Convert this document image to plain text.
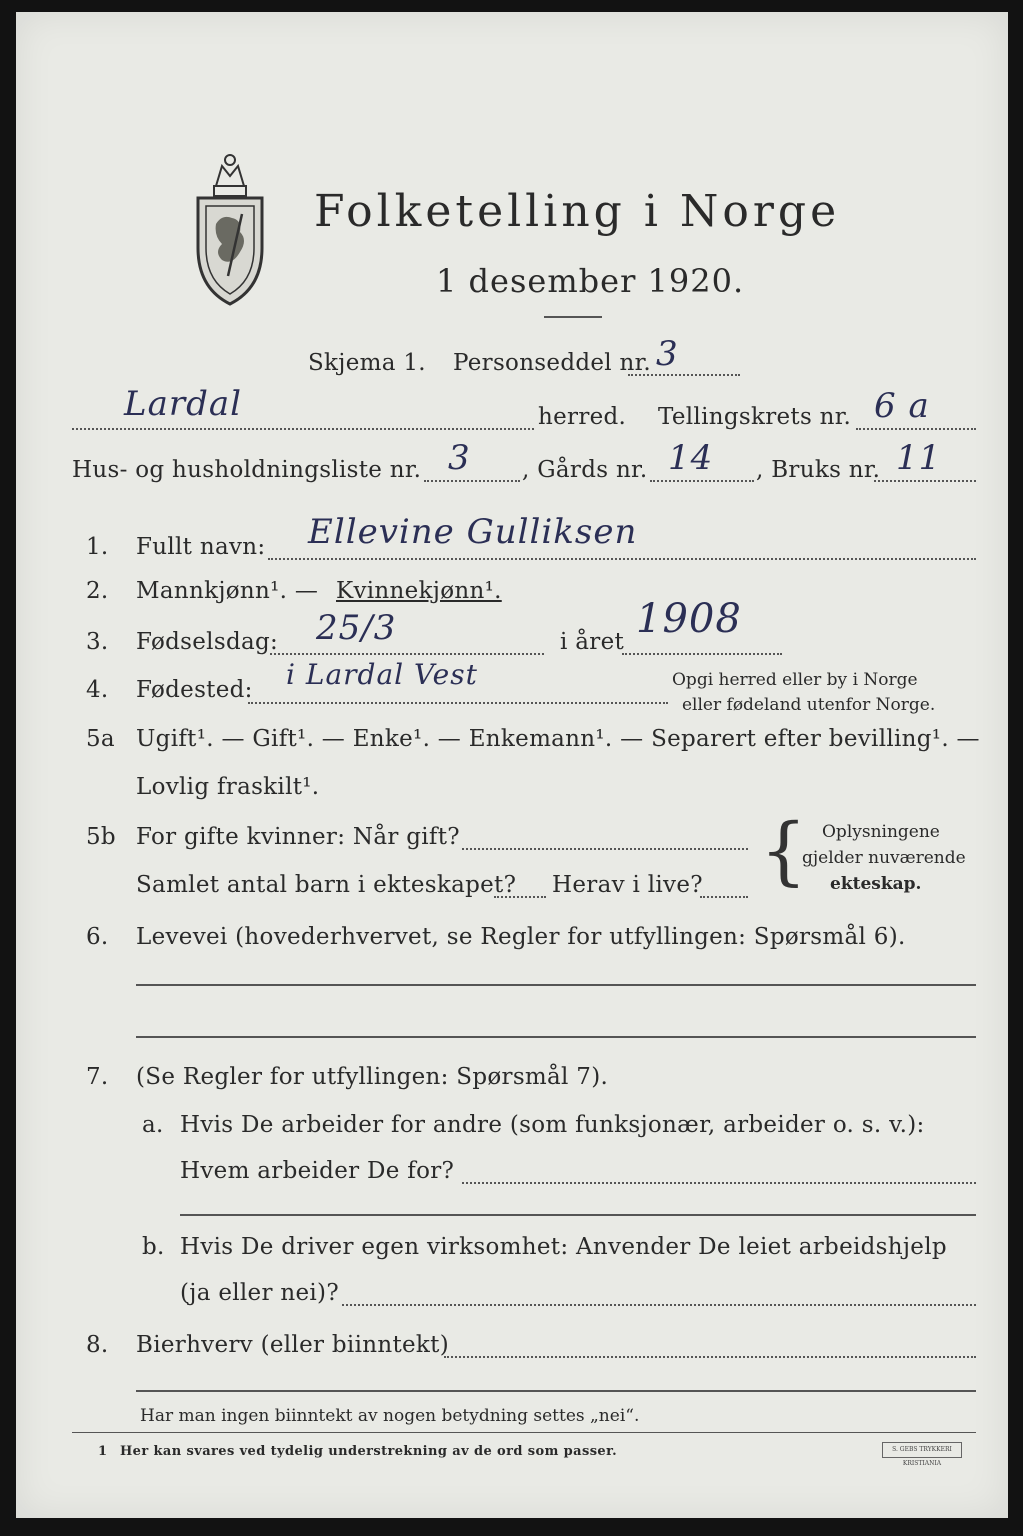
Folketelling i Norge
1 desember 1920.
Skjema 1. Personseddel nr. 3
Lardal	herred. Tellingskrets nr. 6 a
Hus- og husholdningsliste nr. 3 , Gårds nr. 14 , Bruks nr. 11
1. Fullt navn: Ellevine Gulliksen
2. Mannkjønn¹. — Kvinnekjønn¹.
3. Fødselsdag: 25/3	i året 1908
4. Fødested: i Lardal Vest	Opgi herred eller by i Norge
eller fødeland utenfor Norge.
5a Ugift¹. — Gift¹. — Enke¹. — Enkemann¹. — Separert efter bevilling¹. —
Lovlig fraskilt¹.
5b For gifte kvinner: Når gift?
Samlet antal barn i ekteskapet? Herav i live? { Oplysningene
gjelder nuværende
ekteskap.
6. Levevei (hovederhvervet, se Regler for utfyllingen: Spørsmål 6).
7. (Se Regler for utfyllingen: Spørsmål 7).
a. Hvis De arbeider for andre (som funksjonær, arbeider o. s. v.):
Hvem arbeider De for?
b. Hvis De driver egen virksomhet: Anvender De leiet arbeidshjelp
(ja eller nei)?
8. Bierhverv (eller biinntekt)
Har man ingen biinntekt av nogen betydning settes „nei“.
1 Her kan svares ved tydelig understrekning av de ord som passer.	S. GEBS TRYKKERI KRISTIANIA
